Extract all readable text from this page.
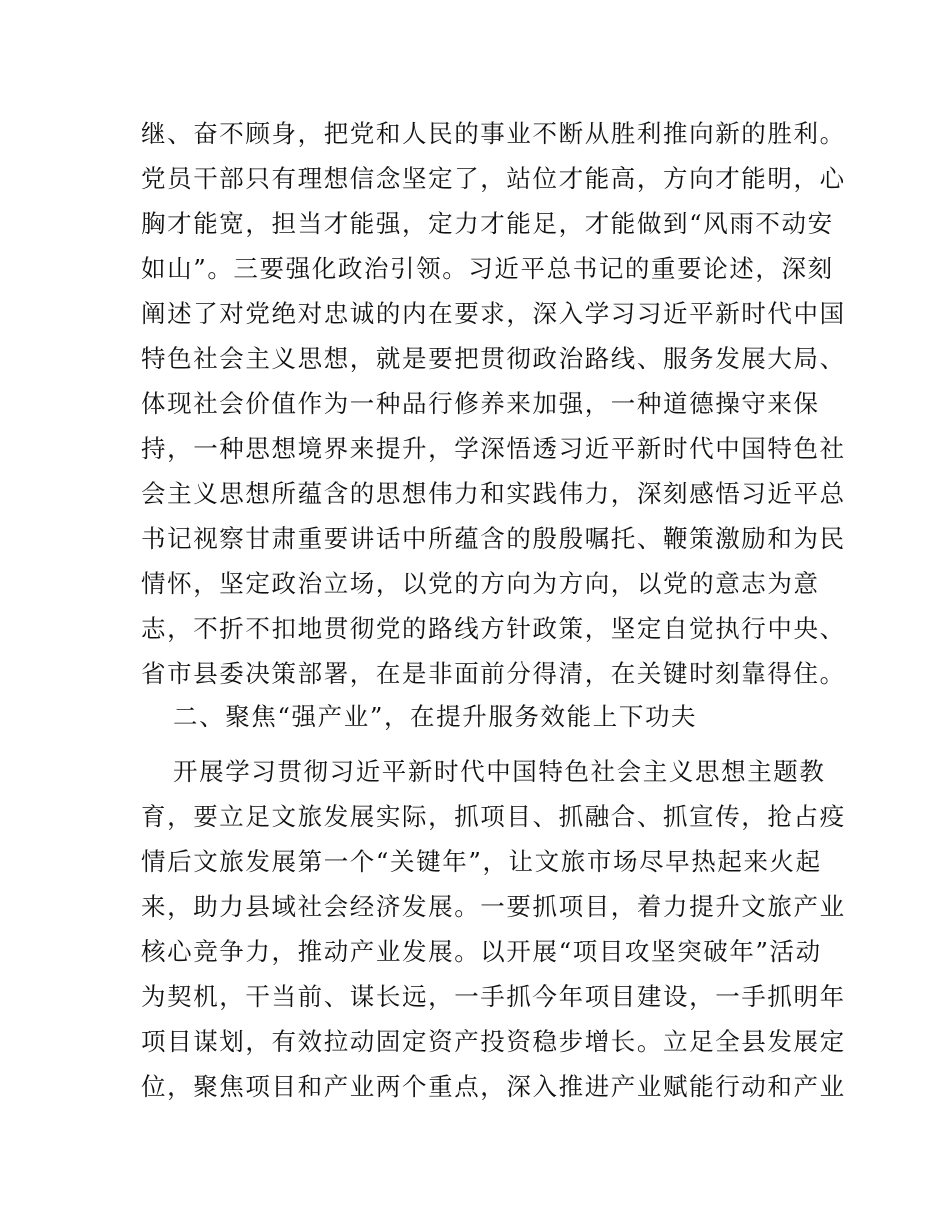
继、奋不顾身，把党和人民的事业不断从胜利推向新的胜利。
党员干部只有理想信念坚定了，站位才能高，方向才能明，心
胸才能宽，担当才能强，定力才能足，才能做到“风雨不动安
如山”。三要强化政治引领。习近平总书记的重要论述，深刻
阐述了对党绝对忠诚的内在要求，深入学习习近平新时代中国
特色社会主义思想，就是要把贯彻政治路线、服务发展大局、
体现社会价值作为一种品行修养来加强，一种道德操守来保
持，一种思想境界来提升，学深悟透习近平新时代中国特色社
会主义思想所蕴含的思想伟力和实践伟力，深刻感悟习近平总
书记视察甘肃重要讲话中所蕴含的殷殷嘱托、鞭策激励和为民
情怀，坚定政治立场，以党的方向为方向，以党的意志为意
志，不折不扣地贯彻党的路线方针政策，坚定自觉执行中央、
省市县委决策部署，在是非面前分得清，在关键时刻靠得住。
二、聚焦“强产业”，在提升服务效能上下功夫
开展学习贯彻习近平新时代中国特色社会主义思想主题教
育，要立足文旅发展实际，抓项目、抓融合、抓宣传，抢占疫
情后文旅发展第一个“关键年”，让文旅市场尽早热起来火起
来，助力县域社会经济发展。一要抓项目，着力提升文旅产业
核心竞争力，推动产业发展。以开展“项目攻坚突破年”活动
为契机，干当前、谋长远，一手抓今年项目建设，一手抓明年
项目谋划，有效拉动固定资产投资稳步增长。立足全县发展定
位，聚焦项目和产业两个重点，深入推进产业赋能行动和产业
